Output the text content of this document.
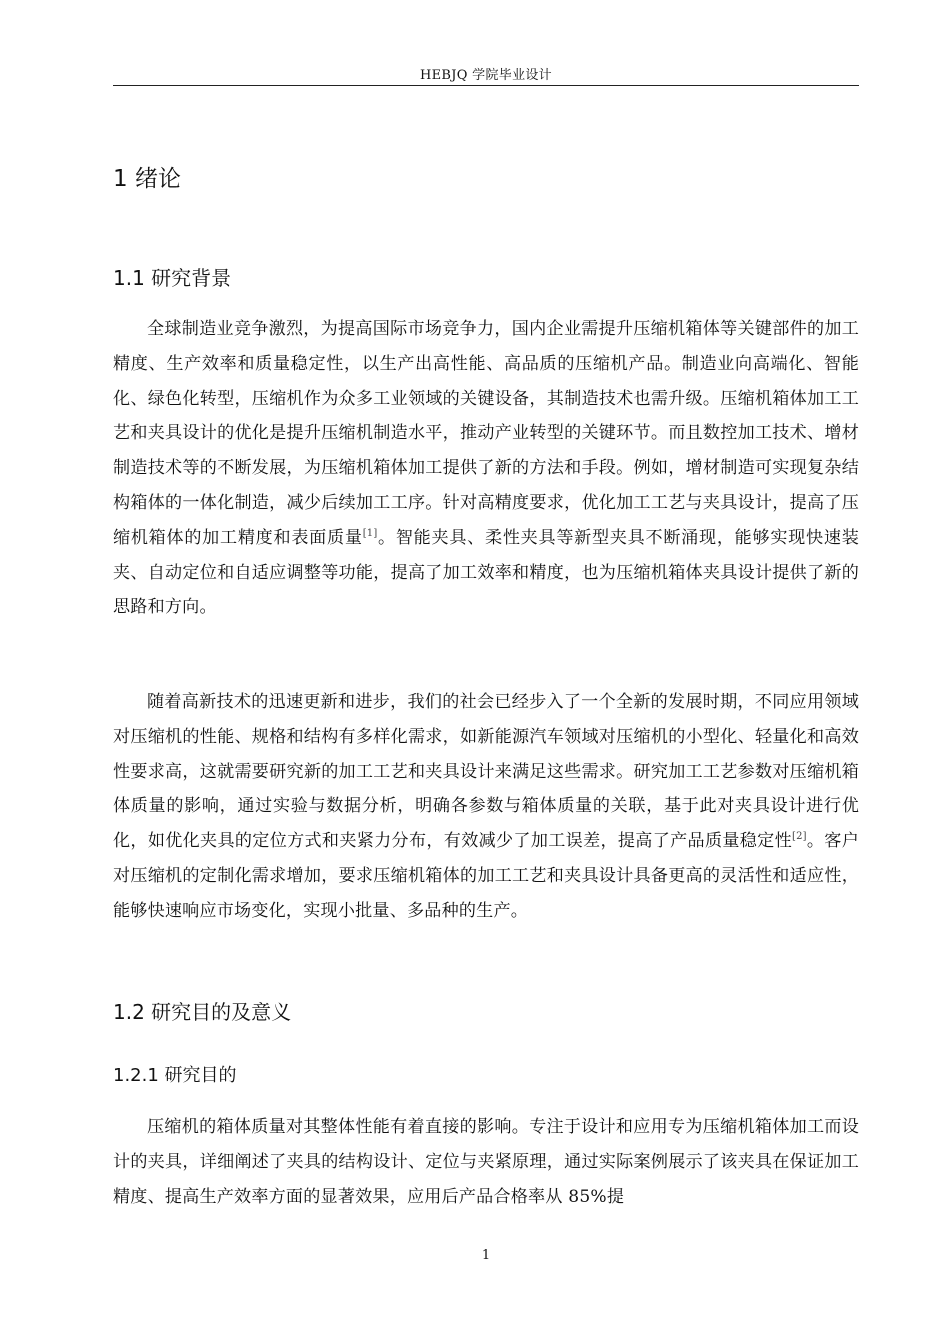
HEBJQ 学院毕业设计
1 绪论
1.1 研究背景

全球制造业竞争激烈，为提高国际市场竞争力，国内企业需提升压缩机箱体等关键部件的加工精度、生产效率和质量稳定性，以生产出高性能、高品质的压缩机产品。制造业向高端化、智能化、绿色化转型，压缩机作为众多工业领域的关键设备，其制造技术也需升级。压缩机箱体加工工艺和夹具设计的优化是提升压缩机制造水平，推动产业转型的关键环节。而且数控加工技术、增材制造技术等的不断发展，为压缩机箱体加工提供了新的方法和手段。例如，增材制造可实现复杂结构箱体的一体化制造，减少后续加工工序。针对高精度要求，优化加工工艺与夹具设计，提高了压缩机箱体的加工精度和表面质量[1]。智能夹具、柔性夹具等新型夹具不断涌现，能够实现快速装夹、自动定位和自适应调整等功能，提高了加工效率和精度，也为压缩机箱体夹具设计提供了新的思路和方向。

随着高新技术的迅速更新和进步，我们的社会已经步入了一个全新的发展时期，不同应用领域对压缩机的性能、规格和结构有多样化需求，如新能源汽车领域对压缩机的小型化、轻量化和高效性要求高，这就需要研究新的加工工艺和夹具设计来满足这些需求。研究加工工艺参数对压缩机箱体质量的影响，通过实验与数据分析，明确各参数与箱体质量的关联，基于此对夹具设计进行优化，如优化夹具的定位方式和夹紧力分布，有效减少了加工误差，提高了产品质量稳定性[2]。客户对压缩机的定制化需求增加，要求压缩机箱体的加工工艺和夹具设计具备更高的灵活性和适应性，能够快速响应市场变化，实现小批量、多品种的生产。

1.2 研究目的及意义
1.2.1 研究目的

压缩机的箱体质量对其整体性能有着直接的影响。专注于设计和应用专为压缩机箱体加工而设计的夹具，详细阐述了夹具的结构设计、定位与夹紧原理，通过实际案例展示了该夹具在保证加工精度、提高生产效率方面的显著效果，应用后产品合格率从 85%提

1
